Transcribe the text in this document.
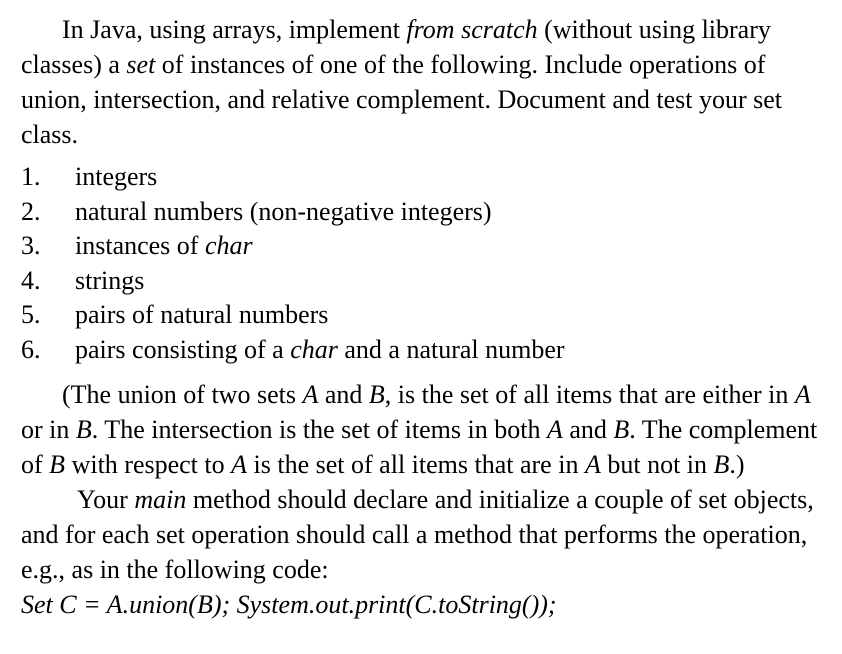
In Java, using arrays, implement from scratch (without using library classes) a set of instances of one of the following. Include operations of union, intersection, and relative complement. Document and test your set class.

1.	integers
2.	natural numbers (non-negative integers)
3.	instances of char
4.	strings
5.	pairs of natural numbers
6.	pairs consisting of a char and a natural number

(The union of two sets A and B, is the set of all items that are either in A or in B. The intersection is the set of items in both A and B. The complement of B with respect to A is the set of all items that are in A but not in B.)

Your main method should declare and initialize a couple of set objects, and for each set operation should call a method that performs the operation, e.g., as in the following code:

Set C = A.union(B); System.out.print(C.toString());
